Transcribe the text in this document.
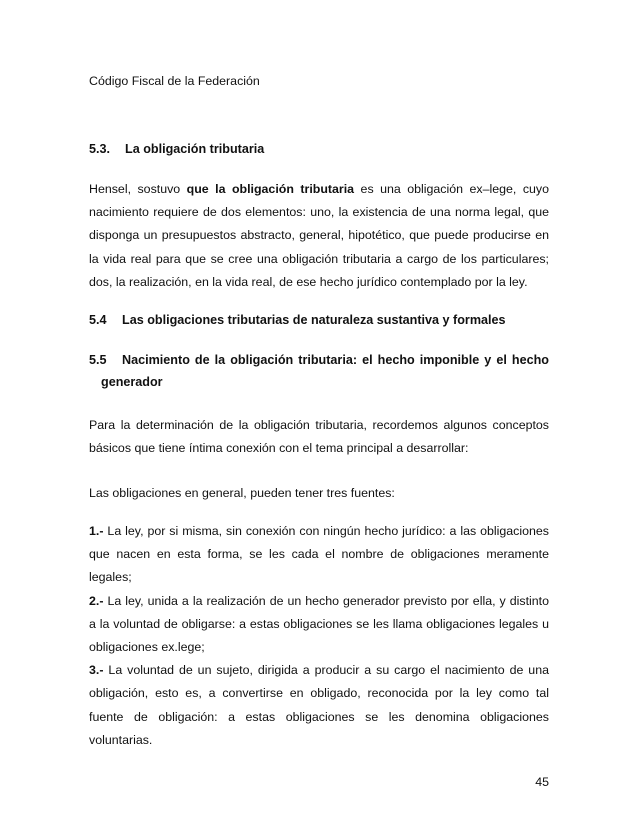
Código Fiscal de la Federación
5.3. La obligación tributaria
Hensel, sostuvo que la obligación tributaria es una obligación ex–lege, cuyo
nacimiento requiere de dos elementos: uno, la existencia de una norma legal, que
disponga un presupuestos abstracto, general, hipotético, que puede producirse en
la vida real para que se cree una obligación tributaria a cargo de los particulares;
dos, la realización, en la vida real, de ese hecho jurídico contemplado por la ley.
5.4 Las obligaciones tributarias de naturaleza sustantiva y formales
5.5 Nacimiento de la obligación tributaria: el hecho imponible y el hecho
generador
Para la determinación de la obligación tributaria, recordemos algunos conceptos
básicos que tiene íntima conexión con el tema principal a desarrollar:
Las obligaciones en general, pueden tener tres fuentes:
1.- La ley, por si misma, sin conexión con ningún hecho jurídico: a las obligaciones
que nacen en esta forma, se les cada el nombre de obligaciones meramente
legales;
2.- La ley, unida a la realización de un hecho generador previsto por ella, y distinto
a la voluntad de obligarse: a estas obligaciones se les llama obligaciones legales u
obligaciones ex.lege;
3.- La voluntad de un sujeto, dirigida a producir a su cargo el nacimiento de una
obligación, esto es, a convertirse en obligado, reconocida por la ley como tal
fuente de obligación: a estas obligaciones se les denomina obligaciones
voluntarias.
45
